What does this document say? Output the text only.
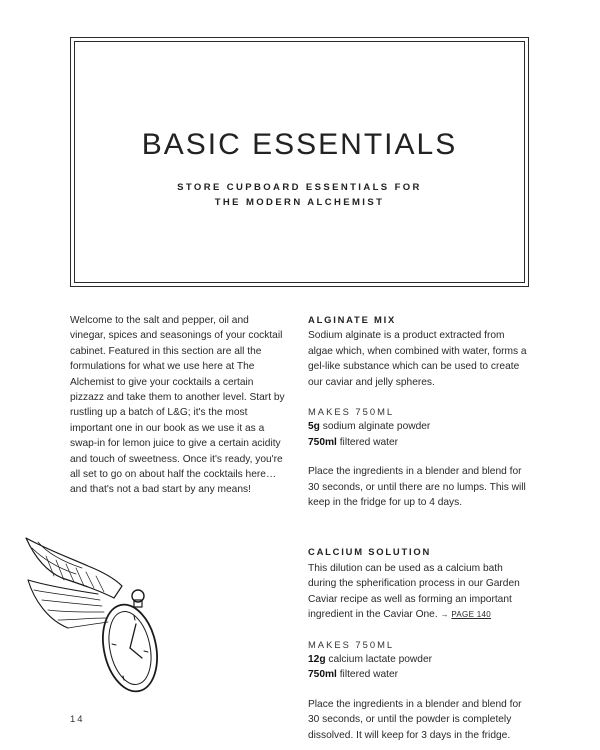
BASIC ESSENTIALS
STORE CUPBOARD ESSENTIALS FOR
THE MODERN ALCHEMIST

Welcome to the salt and pepper, oil and vinegar, spices and seasonings of your cocktail cabinet. Featured in this section are all the formulations for what we use here at The Alchemist to give your cocktails a certain pizzazz and take them to another level. Start by rustling up a batch of L&G; it's the most important one in our book as we use it as a swap-in for lemon juice to give a certain acidity and touch of sweetness. Once it's ready, you're all set to go on about half the cocktails here…and that's not a bad start by any means!

ALGINATE MIX

Sodium alginate is a product extracted from algae which, when combined with water, forms a gel-like substance which can be used to create our caviar and jelly spheres.

MAKES 750ML

5g sodium alginate powder

750ml filtered water

Place the ingredients in a blender and blend for 30 seconds, or until there are no lumps. This will keep in the fridge for up to 4 days.

CALCIUM SOLUTION

This dilution can be used as a calcium bath during the spherification process in our Garden Caviar recipe as well as forming an important ingredient in the Caviar One. → PAGE 140

MAKES 750ML

12g calcium lactate powder

750ml filtered water

Place the ingredients in a blender and blend for 30 seconds, or until the powder is completely dissolved. It will keep for 3 days in the fridge.

14
